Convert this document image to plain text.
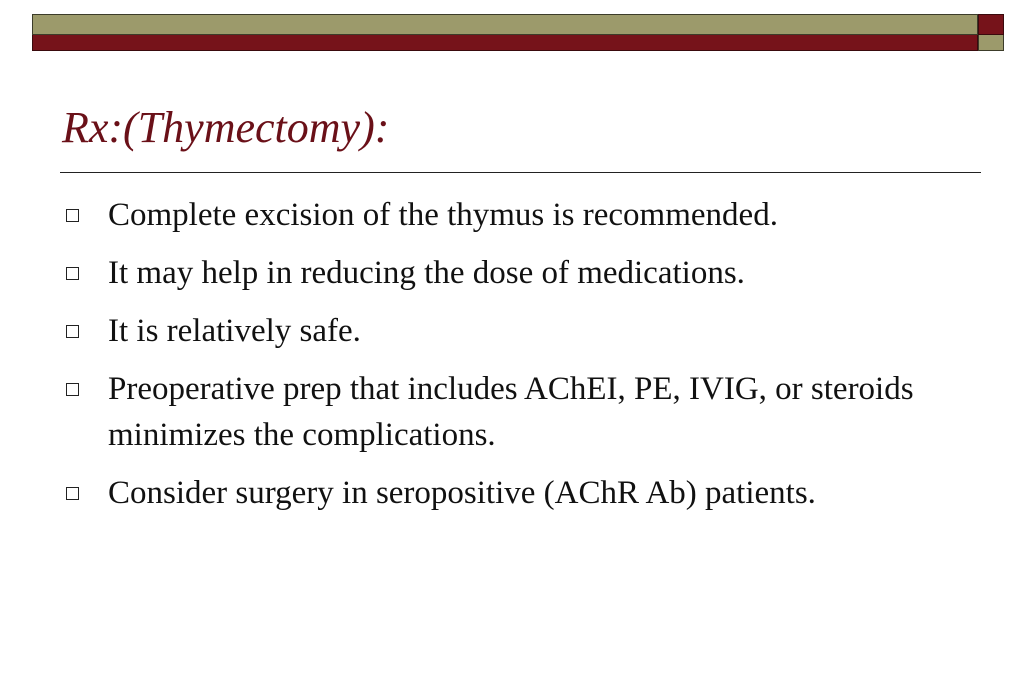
Rx:(Thymectomy):
Complete excision of the thymus is recommended.
It may help in reducing the dose of medications.
It is relatively safe.
Preoperative prep that includes AChEI, PE, IVIG, or steroids minimizes the complications.
Consider surgery in seropositive (AChR Ab) patients.
